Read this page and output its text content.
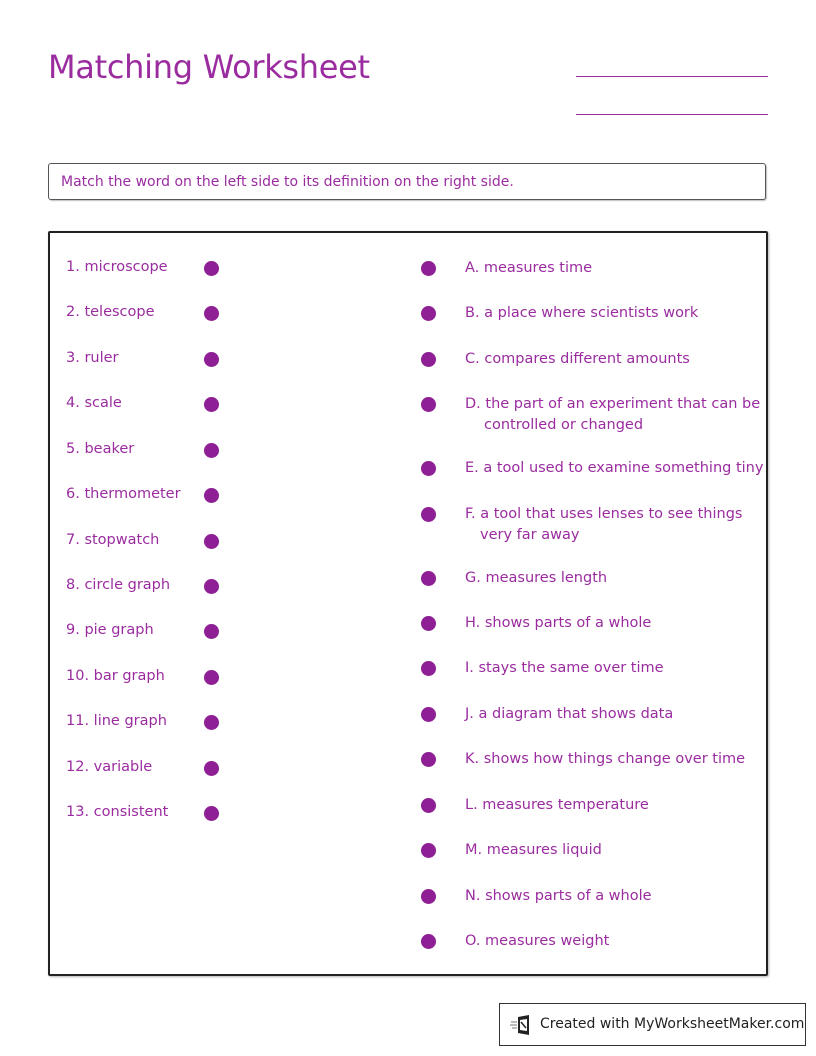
Matching Worksheet
Match the word on the left side to its definition on the right side.
1. microscope
2. telescope
3. ruler
4. scale
5. beaker
6. thermometer
7. stopwatch
8. circle graph
9. pie graph
10. bar graph
11. line graph
12. variable
13. consistent
A. measures time
B. a place where scientists work
C. compares different amounts
D. the part of an experiment that can be
controlled or changed
E. a tool used to examine something tiny
F. a tool that uses lenses to see things
very far away
G. measures length
H. shows parts of a whole
I. stays the same over time
J. a diagram that shows data
K. shows how things change over time
L. measures temperature
M. measures liquid
N. shows parts of a whole
O. measures weight
Created with MyWorksheetMaker.com
